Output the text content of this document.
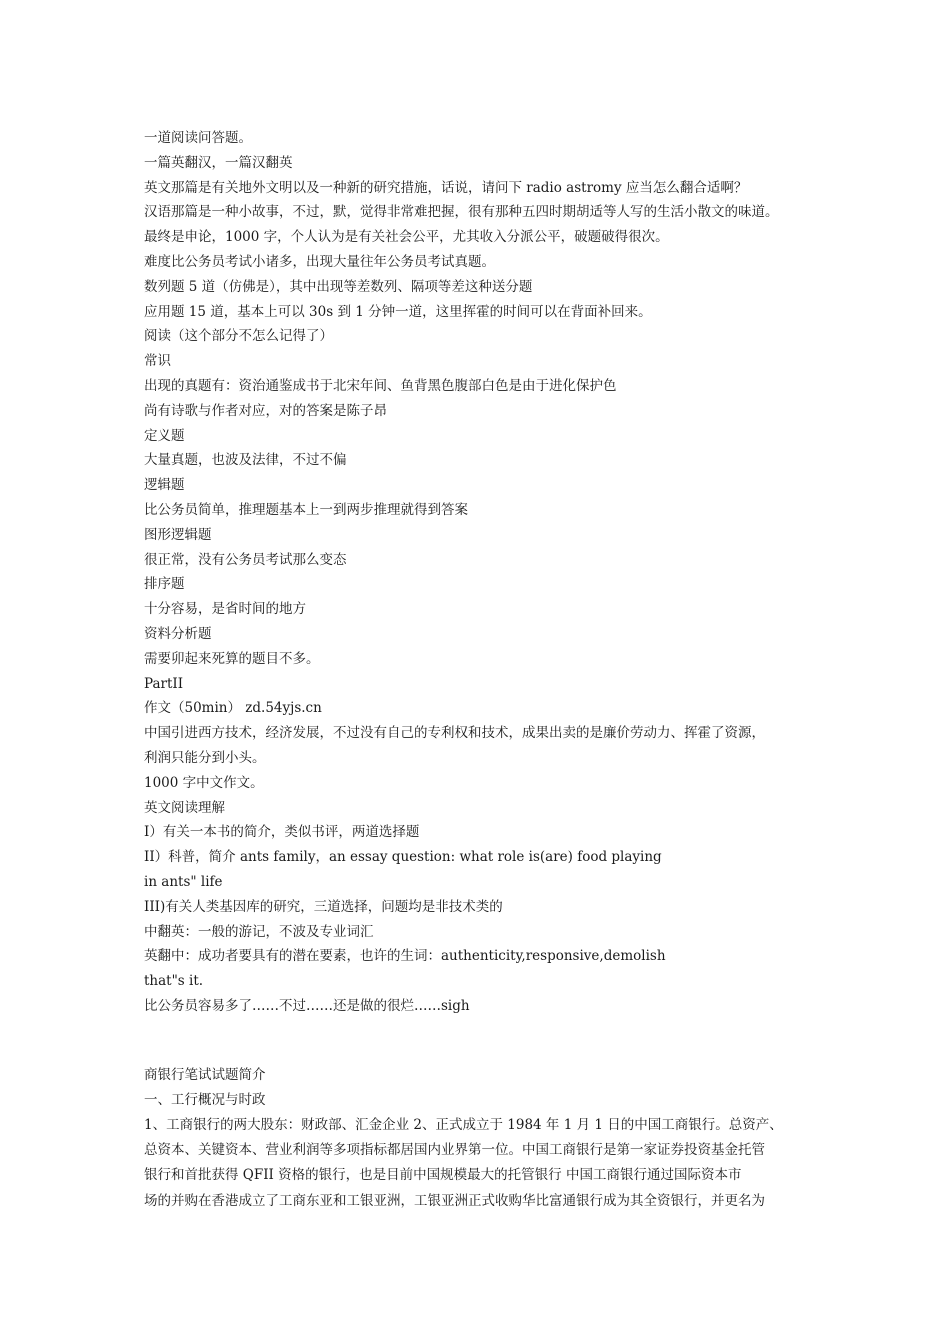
一道阅读问答题。
一篇英翻汉，一篇汉翻英
英文那篇是有关地外文明以及一种新的研究措施，话说，请问下 radio astromy 应当怎么翻合适啊？
汉语那篇是一种小故事，不过，默，觉得非常难把握，很有那种五四时期胡适等人写的生活小散文的味道。
最终是申论，1000 字，个人认为是有关社会公平，尤其收入分派公平，破题破得很次。
难度比公务员考试小诸多，出现大量往年公务员考试真题。
数列题 5 道（仿佛是），其中出现等差数列、隔项等差这种送分题
应用题 15 道，基本上可以 30s 到 1 分钟一道，这里挥霍的时间可以在背面补回来。
阅读（这个部分不怎么记得了）
常识
出现的真题有：资治通鉴成书于北宋年间、鱼背黑色腹部白色是由于进化保护色
尚有诗歌与作者对应，对的答案是陈子昂
定义题
大量真题，也波及法律，不过不偏
逻辑题
比公务员简单，推理题基本上一到两步推理就得到答案
图形逻辑题
很正常，没有公务员考试那么变态
排序题
十分容易，是省时间的地方
资料分析题
需要卯起来死算的题目不多。
PartII
作文（50min） zd.54yjs.cn
中国引进西方技术，经济发展，不过没有自己的专利权和技术，成果出卖的是廉价劳动力、挥霍了资源，
利润只能分到小头。
1000 字中文作文。
英文阅读理解
I）有关一本书的简介，类似书评，两道选择题
II）科普，简介 ants family，an essay question: what role is(are) food playing
in ants" life
III)有关人类基因库的研究，三道选择，问题均是非技术类的
中翻英：一般的游记，不波及专业词汇
英翻中：成功者要具有的潜在要素，也许的生词：authenticity,responsive,demolish
that"s it.
比公务员容易多了……不过……还是做的很烂……sigh
商银行笔试试题简介
一、工行概况与时政
1、工商银行的两大股东：财政部、汇金企业 2、正式成立于 1984 年 1 月 1 日的中国工商银行。总资产、
总资本、关键资本、营业利润等多项指标都居国内业界第一位。中国工商银行是第一家证券投资基金托管
银行和首批获得 QFII 资格的银行，也是目前中国规模最大的托管银行 中国工商银行通过国际资本市
场的并购在香港成立了工商东亚和工银亚洲，工银亚洲正式收购华比富通银行成为其全资银行，并更名为
